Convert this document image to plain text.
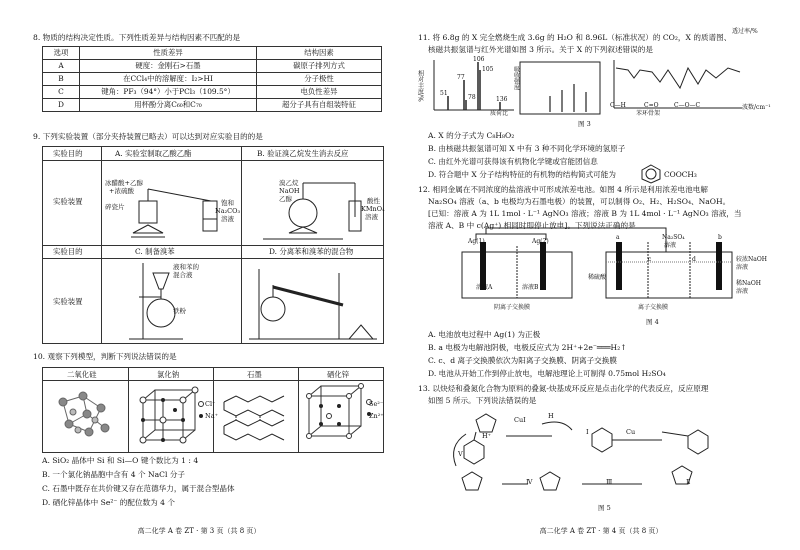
8. 物质的结构决定性质。下列性质差异与结构因素不匹配的是
选项	性质差异	结构因素
A	硬度：金刚石>石墨	碳原子排列方式
B	在CCl₄中的溶解度：I₂>HI	分子极性
C	键角：PF₃（94°）小于PCl₃（109.5°）	电负性差异
D	用杯酚分离C₆₀和C₇₀	超分子具有自组装特征
9. 下列实验装置（部分夹持装置已略去）可以达到对应实验目的的是
实验目的	A. 实验室制取乙酸乙酯	B. 验证溴乙烷发生消去反应
实验装置
实验目的	C. 制备溴苯	D. 分离苯和溴苯的混合物
实验装置
冰醋酸+乙醇
+浓硫酸
碎瓷片	饱和
Na₂CO₃
溶液
溴乙烷
NaOH
乙醇	酸性
KMnO₄
溶液
液和苯的
混合液
铁粉
10. 观察下列模型，判断下列说法错误的是
二氧化硅	氯化钠	石墨	硒化锌
Cl⁻
Na⁺
Se²⁻
Zn²⁺
A. SiO₂ 晶体中 Si 和 Si—O 键个数比为 1 : 4
B. 一个氯化钠晶胞中含有 4 个 NaCl 分子
C. 石墨中既存在共价键又存在范德华力，属于混合型晶体
D. 硒化锌晶体中 Se²⁻ 的配位数为 4 个
高二化学 A 卷 ZT · 第 3 页（共 8 页）
11. 将 6.8g 的 X 完全燃烧生成 3.6g 的 H₂O 和 8.96L（标准状况）的 CO₂，X 的质谱图、
核磁共振氢谱与红外光谱如图 3 所示。关于 X 的下列叙述错误的是
106
105
77
78	136
51
相对丰度/%
质荷比
吸收强度
波数/cm⁻¹
C—H	C=O	C—O—C
苯环骨架
透过率/%
图 3
A. X 的分子式为 C₈H₈O₂
B. 由核磁共振氢谱可知 X 中有 3 种不同化学环境的氢原子
C. 由红外光谱可获得该有机物化学键或官能团信息
D. 符合题中 X 分子结构特征的有机物的结构简式可能为	COOCH₃
12. 相同金属在不同浓度的盐溶液中可形成浓差电池。如图 4 所示是利用浓差电池电解
Na₂SO₄ 溶液（a、b 电极均为石墨电极）的装置，可以制得 O₂、H₂、H₂SO₄、NaOH。
[已知：溶液 A 为 1L 1mol · L⁻¹ AgNO₃ 溶液；溶液 B 为 1L 4mol · L⁻¹ AgNO₃ 溶液，当
溶液 A、B 中 c(Ag⁺) 相同时即停止放电]。下列说法正确的是
Ag(1)	Ag(2)
溶液A	溶液B
阴离子交换膜
稀硫酸
Na₂SO₄
溶液
离子交换膜
较浓NaOH
溶液
稀NaOH
溶液
a	b
c	d
图 4
A. 电池放电过程中 Ag(1) 为正极
B. a 电极为电解池阴极，电极反应式为 2H⁺+2e⁻═══H₂↑
C. c、d 离子交换膜依次为阳离子交换膜、阴离子交换膜
D. 电池从开始工作到停止放电，电解池理论上可制得 0.75mol H₂SO₄
13. 以炔烃和叠氮化合物为原料的叠氮-炔基成环反应是点击化学的代表反应，反应原理
如图 5 所示。下列说法错误的是
CuI
Cu
Ⅰ
Ⅱ
Ⅲ
Ⅳ
Ⅴ
H⁺
H
图 5
高二化学 A 卷 ZT · 第 4 页（共 8 页）
